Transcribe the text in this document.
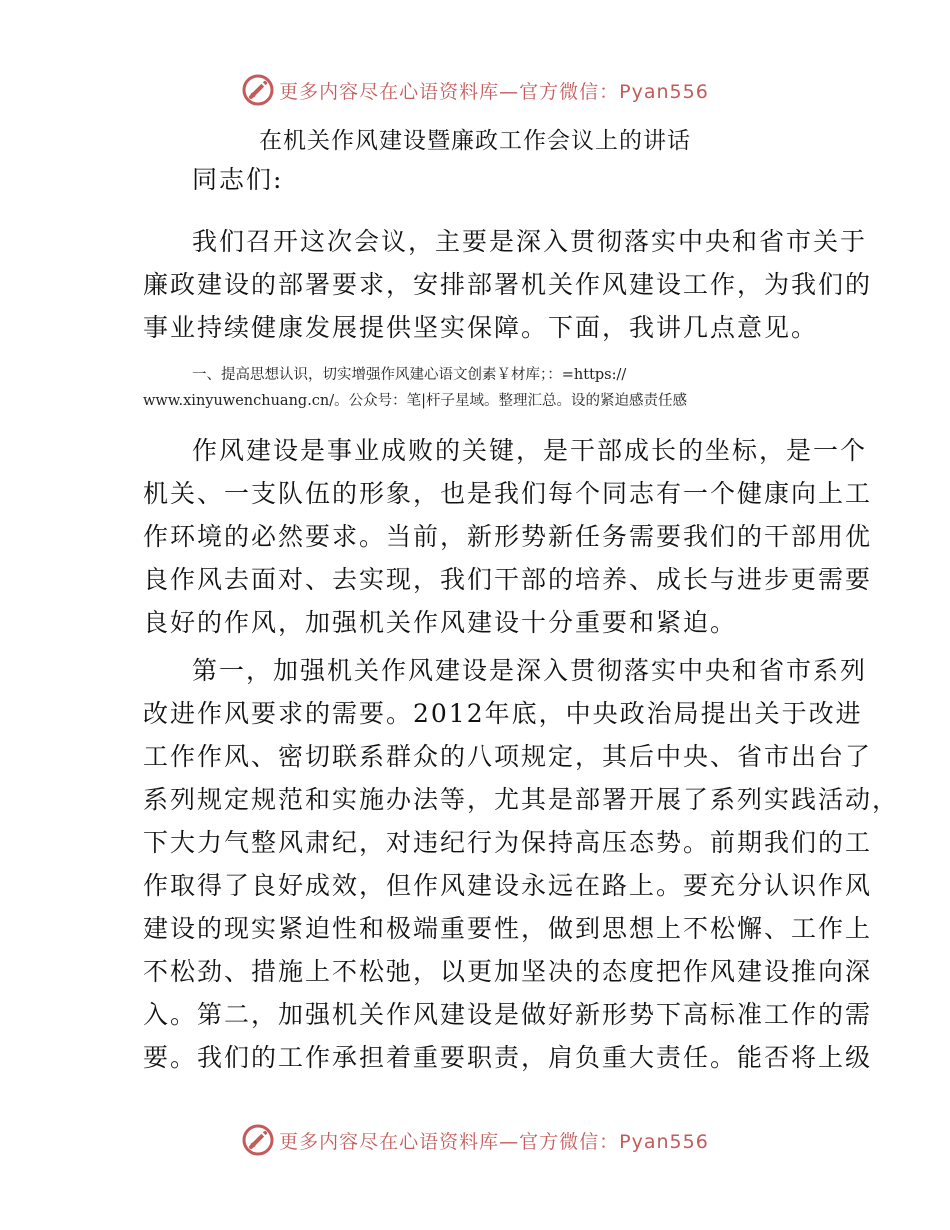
更多内容尽在心语资料库—官方微信：Pyan556
在机关作风建设暨廉政工作会议上的讲话
同志们:
我们召开这次会议，主要是深入贯彻落实中央和省市关于
廉政建设的部署要求，安排部署机关作风建设工作，为我们的
事业持续健康发展提供坚实保障。下面，我讲几点意见。
一、提高思想认识，切实增强作风建心语文创素￥材库；：=https://
www.xinyuwenchuang.cn/。公众号：笔|杆子星域。整理汇总。设的紧迫感责任感
作风建设是事业成败的关键，是干部成长的坐标，是一个
机关、一支队伍的形象，也是我们每个同志有一个健康向上工
作环境的必然要求。当前，新形势新任务需要我们的干部用优
良作风去面对、去实现，我们干部的培养、成长与进步更需要
良好的作风，加强机关作风建设十分重要和紧迫。
第一，加强机关作风建设是深入贯彻落实中央和省市系列
改进作风要求的需要。2012年底，中央政治局提出关于改进
工作作风、密切联系群众的八项规定，其后中央、省市出台了
系列规定规范和实施办法等，尤其是部署开展了系列实践活动，
下大力气整风肃纪，对违纪行为保持高压态势。前期我们的工
作取得了良好成效，但作风建设永远在路上。要充分认识作风
建设的现实紧迫性和极端重要性，做到思想上不松懈、工作上
不松劲、措施上不松弛，以更加坚决的态度把作风建设推向深
入。第二，加强机关作风建设是做好新形势下高标准工作的需
要。我们的工作承担着重要职责，肩负重大责任。能否将上级
更多内容尽在心语资料库—官方微信：Pyan556
